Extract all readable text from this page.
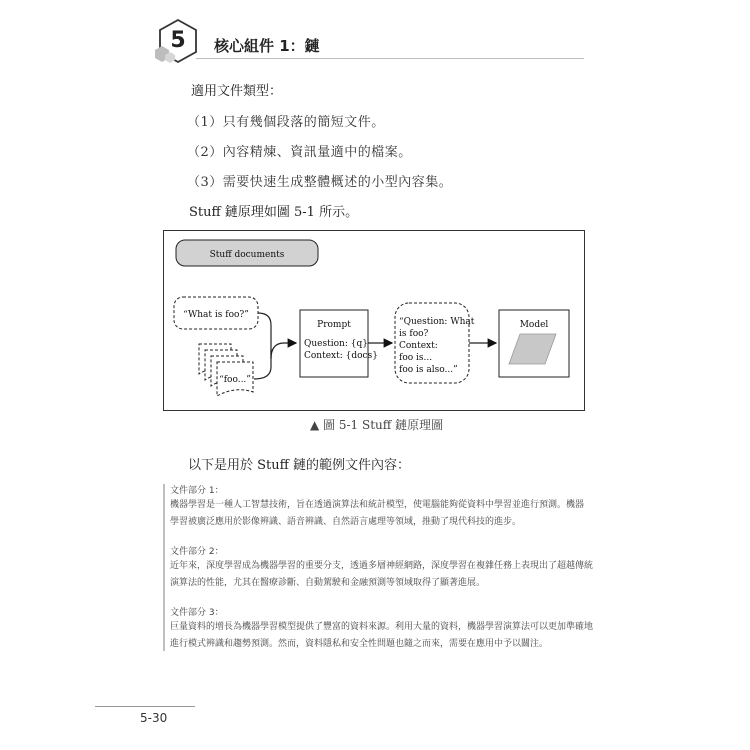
5	核心組件 1：鏈
適用文件類型：
（1）只有幾個段落的簡短文件。
（2）內容精煉、資訊量適中的檔案。
（3）需要快速生成整體概述的小型內容集。
Stuff 鏈原理如圖 5-1 所示。
Stuff documents
“What is foo?”
“foo...”
Prompt
Question: {q}
Context: {docs}
“Question: What
is foo?
Context:
foo is...
foo is also...”
Model
▲ 圖 5-1 Stuff 鏈原理圖
以下是用於 Stuff 鏈的範例文件內容：
文件部分 1：
機器學習是一種人工智慧技術，旨在透過演算法和統計模型，使電腦能夠從資料中學習並進行預測。機器
學習被廣泛應用於影像辨識、語音辨識、自然語言處理等領域，推動了現代科技的進步。
文件部分 2：
近年來，深度學習成為機器學習的重要分支，透過多層神經網路，深度學習在複雜任務上表現出了超越傳統
演算法的性能，尤其在醫療診斷、自動駕駛和金融預測等領域取得了顯著進展。
文件部分 3：
巨量資料的增長為機器學習模型提供了豐富的資料來源。利用大量的資料，機器學習演算法可以更加準確地
進行模式辨識和趨勢預測。然而，資料隱私和安全性問題也隨之而來，需要在應用中予以關注。
5-30
